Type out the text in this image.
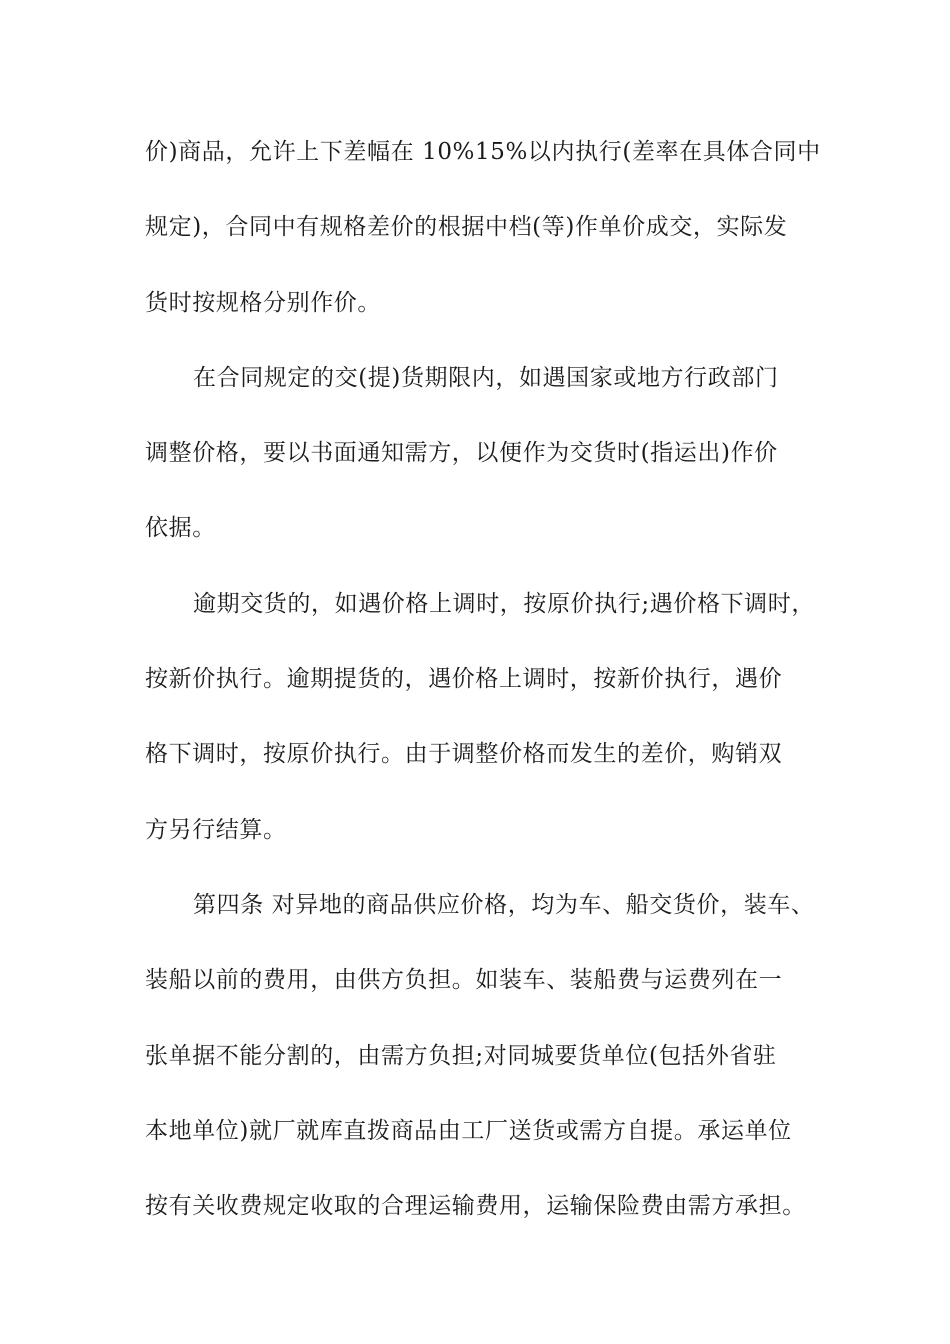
价)商品，允许上下差幅在 10%15%以内执行(差率在具体合同中
规定)，合同中有规格差价的根据中档(等)作单价成交，实际发
货时按规格分别作价。
在合同规定的交(提)货期限内，如遇国家或地方行政部门
调整价格，要以书面通知需方，以便作为交货时(指运出)作价
依据。
逾期交货的，如遇价格上调时，按原价执行;遇价格下调时，
按新价执行。逾期提货的，遇价格上调时，按新价执行，遇价
格下调时，按原价执行。由于调整价格而发生的差价，购销双
方另行结算。
第四条 对异地的商品供应价格，均为车、船交货价，装车、
装船以前的费用，由供方负担。如装车、装船费与运费列在一
张单据不能分割的，由需方负担;对同城要货单位(包括外省驻
本地单位)就厂就库直拨商品由工厂送货或需方自提。承运单位
按有关收费规定收取的合理运输费用，运输保险费由需方承担。
